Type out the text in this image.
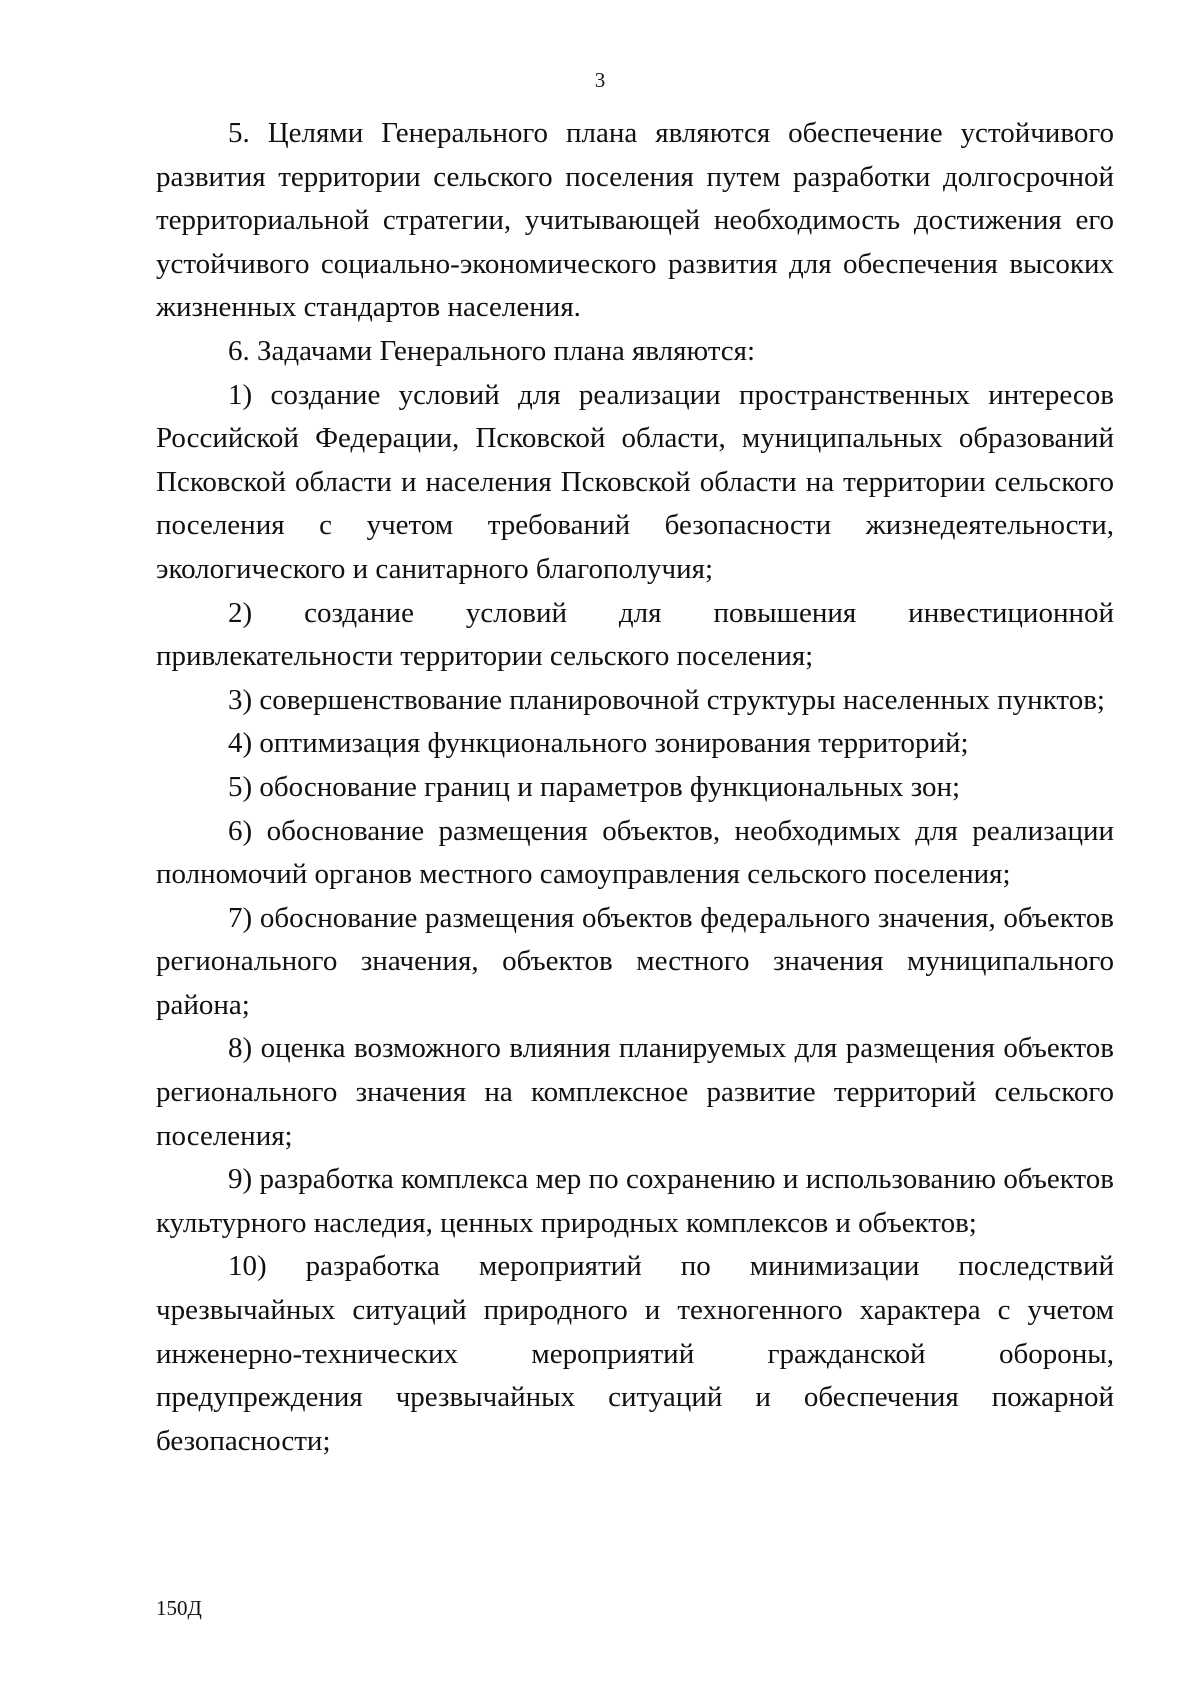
3

5. Целями Генерального плана являются обеспечение устойчивого развития территории сельского поселения путем разработки долгосрочной территориальной стратегии, учитывающей необходимость достижения его устойчивого социально-экономического развития для обеспечения высоких жизненных стандартов населения.

6. Задачами Генерального плана являются:

1) создание условий для реализации пространственных интересов Российской Федерации, Псковской области, муниципальных образований Псковской области и населения Псковской области на территории сельского поселения с учетом требований безопасности жизнедеятельности, экологического и санитарного благополучия;

2) создание условий для повышения инвестиционной привлекательности территории сельского поселения;

3) совершенствование планировочной структуры населенных пунктов;

4) оптимизация функционального зонирования территорий;

5) обоснование границ и параметров функциональных зон;

6) обоснование размещения объектов, необходимых для реализации полномочий органов местного самоуправления сельского поселения;

7) обоснование размещения объектов федерального значения, объектов регионального значения, объектов местного значения муниципального района;

8) оценка возможного влияния планируемых для размещения объектов регионального значения на комплексное развитие территорий сельского поселения;

9) разработка комплекса мер по сохранению и использованию объектов культурного наследия, ценных природных комплексов и объектов;

10) разработка мероприятий по минимизации последствий чрезвычайных ситуаций природного и техногенного характера с учетом инженерно-технических мероприятий гражданской обороны, предупреждения чрезвычайных ситуаций и обеспечения пожарной безопасности;

150Д
